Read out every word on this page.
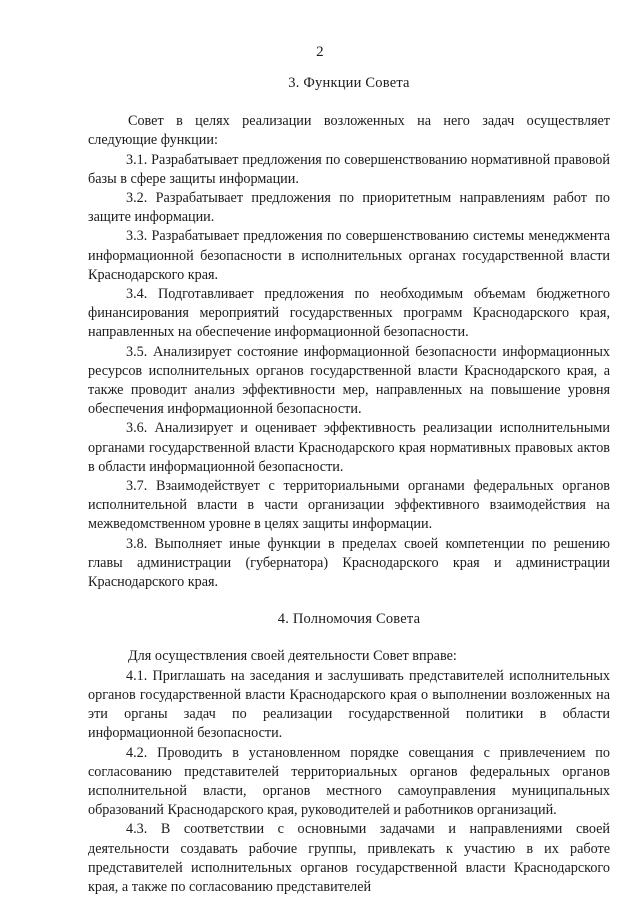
2
3. Функции Совета

Совет в целях реализации возложенных на него задач осуществляет следующие функции:

3.1. Разрабатывает предложения по совершенствованию нормативной правовой базы в сфере защиты информации.

3.2. Разрабатывает предложения по приоритетным направлениям работ по защите информации.

3.3. Разрабатывает предложения по совершенствованию системы менеджмента информационной безопасности в исполнительных органах государственной власти Краснодарского края.

3.4. Подготавливает предложения по необходимым объемам бюджетного финансирования мероприятий государственных программ Краснодарского края, направленных на обеспечение информационной безопасности.

3.5. Анализирует состояние информационной безопасности информационных ресурсов исполнительных органов государственной власти Краснодарского края, а также проводит анализ эффективности мер, направленных на повышение уровня обеспечения информационной безопасности.

3.6. Анализирует и оценивает эффективность реализации исполнительными органами государственной власти Краснодарского края нормативных правовых актов в области информационной безопасности.

3.7. Взаимодействует с территориальными органами федеральных органов исполнительной власти в части организации эффективного взаимодействия на межведомственном уровне в целях защиты информации.

3.8. Выполняет иные функции в пределах своей компетенции по решению главы администрации (губернатора) Краснодарского края и администрации Краснодарского края.

4. Полномочия Совета

Для осуществления своей деятельности Совет вправе:

4.1. Приглашать на заседания и заслушивать представителей исполнительных органов государственной власти Краснодарского края о выполнении возложенных на эти органы задач по реализации государственной политики в области информационной безопасности.

4.2. Проводить в установленном порядке совещания с привлечением по согласованию представителей территориальных органов федеральных органов исполнительной власти, органов местного самоуправления муниципальных образований Краснодарского края, руководителей и работников организаций.

4.3. В соответствии с основными задачами и направлениями своей деятельности создавать рабочие группы, привлекать к участию в их работе представителей исполнительных органов государственной власти Краснодарского края, а также по согласованию представителей
